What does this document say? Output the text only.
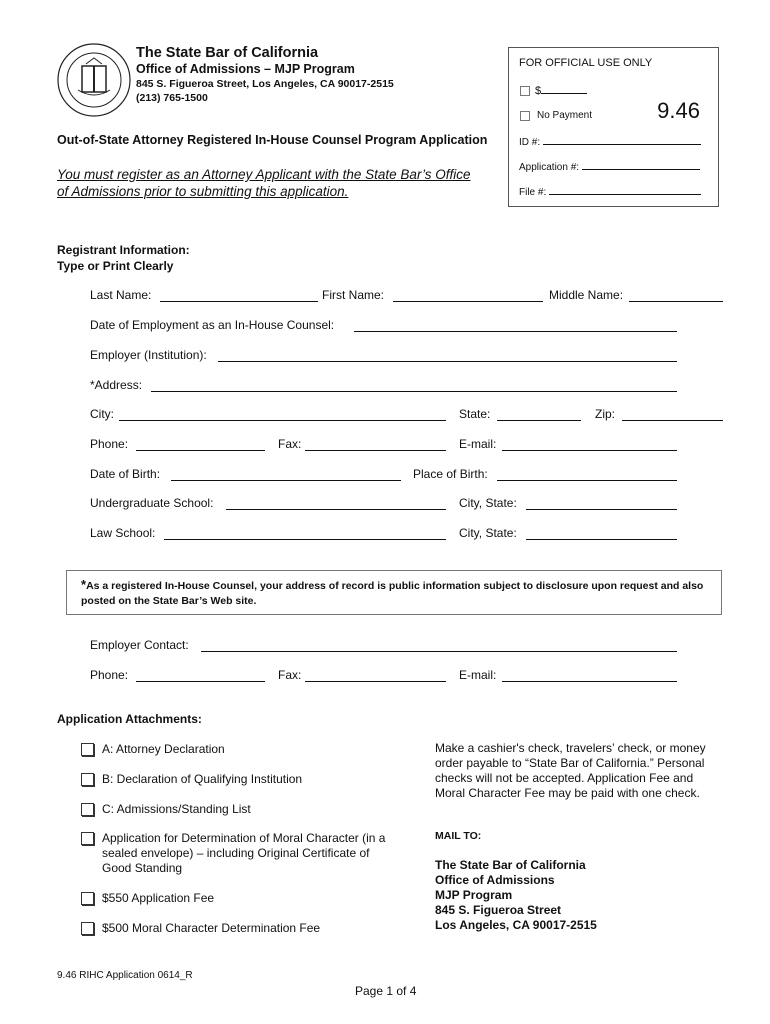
The State Bar of California
Office of Admissions – MJP Program
845 S. Figueroa Street, Los Angeles, CA 90017-2515
(213) 765-1500
FOR OFFICIAL USE ONLY
$
No Payment	9.46
ID #:
Application #:
File #:
Out-of-State Attorney Registered In-House Counsel Program Application
You must register as an Attorney Applicant with the State Bar’s Office of Admissions prior to submitting this application.
Registrant Information:
Type or Print Clearly
Last Name:	First Name:	Middle Name:
Date of Employment as an In-House Counsel:
Employer (Institution):
*Address:
City:	State:	Zip:
Phone:	Fax:	E-mail:
Date of Birth:	Place of Birth:
Undergraduate School:	City, State:
Law School:	City, State:
*As a registered In-House Counsel, your address of record is public information subject to disclosure upon request and also posted on the State Bar’s Web site.
Employer Contact:
Phone:	Fax:	E-mail:
Application Attachments:
A: Attorney Declaration
B: Declaration of Qualifying Institution
C: Admissions/Standing List
Application for Determination of Moral Character (in a sealed envelope) – including Original Certificate of Good Standing
$550 Application Fee
$500 Moral Character Determination Fee
Make a cashier's check, travelers’ check, or money order payable to “State Bar of California.” Personal checks will not be accepted. Application Fee and Moral Character Fee may be paid with one check.
MAIL TO:
The State Bar of California
Office of Admissions
MJP Program
845 S. Figueroa Street
Los Angeles, CA 90017-2515
9.46 RIHC Application 0614_R
Page 1 of 4
